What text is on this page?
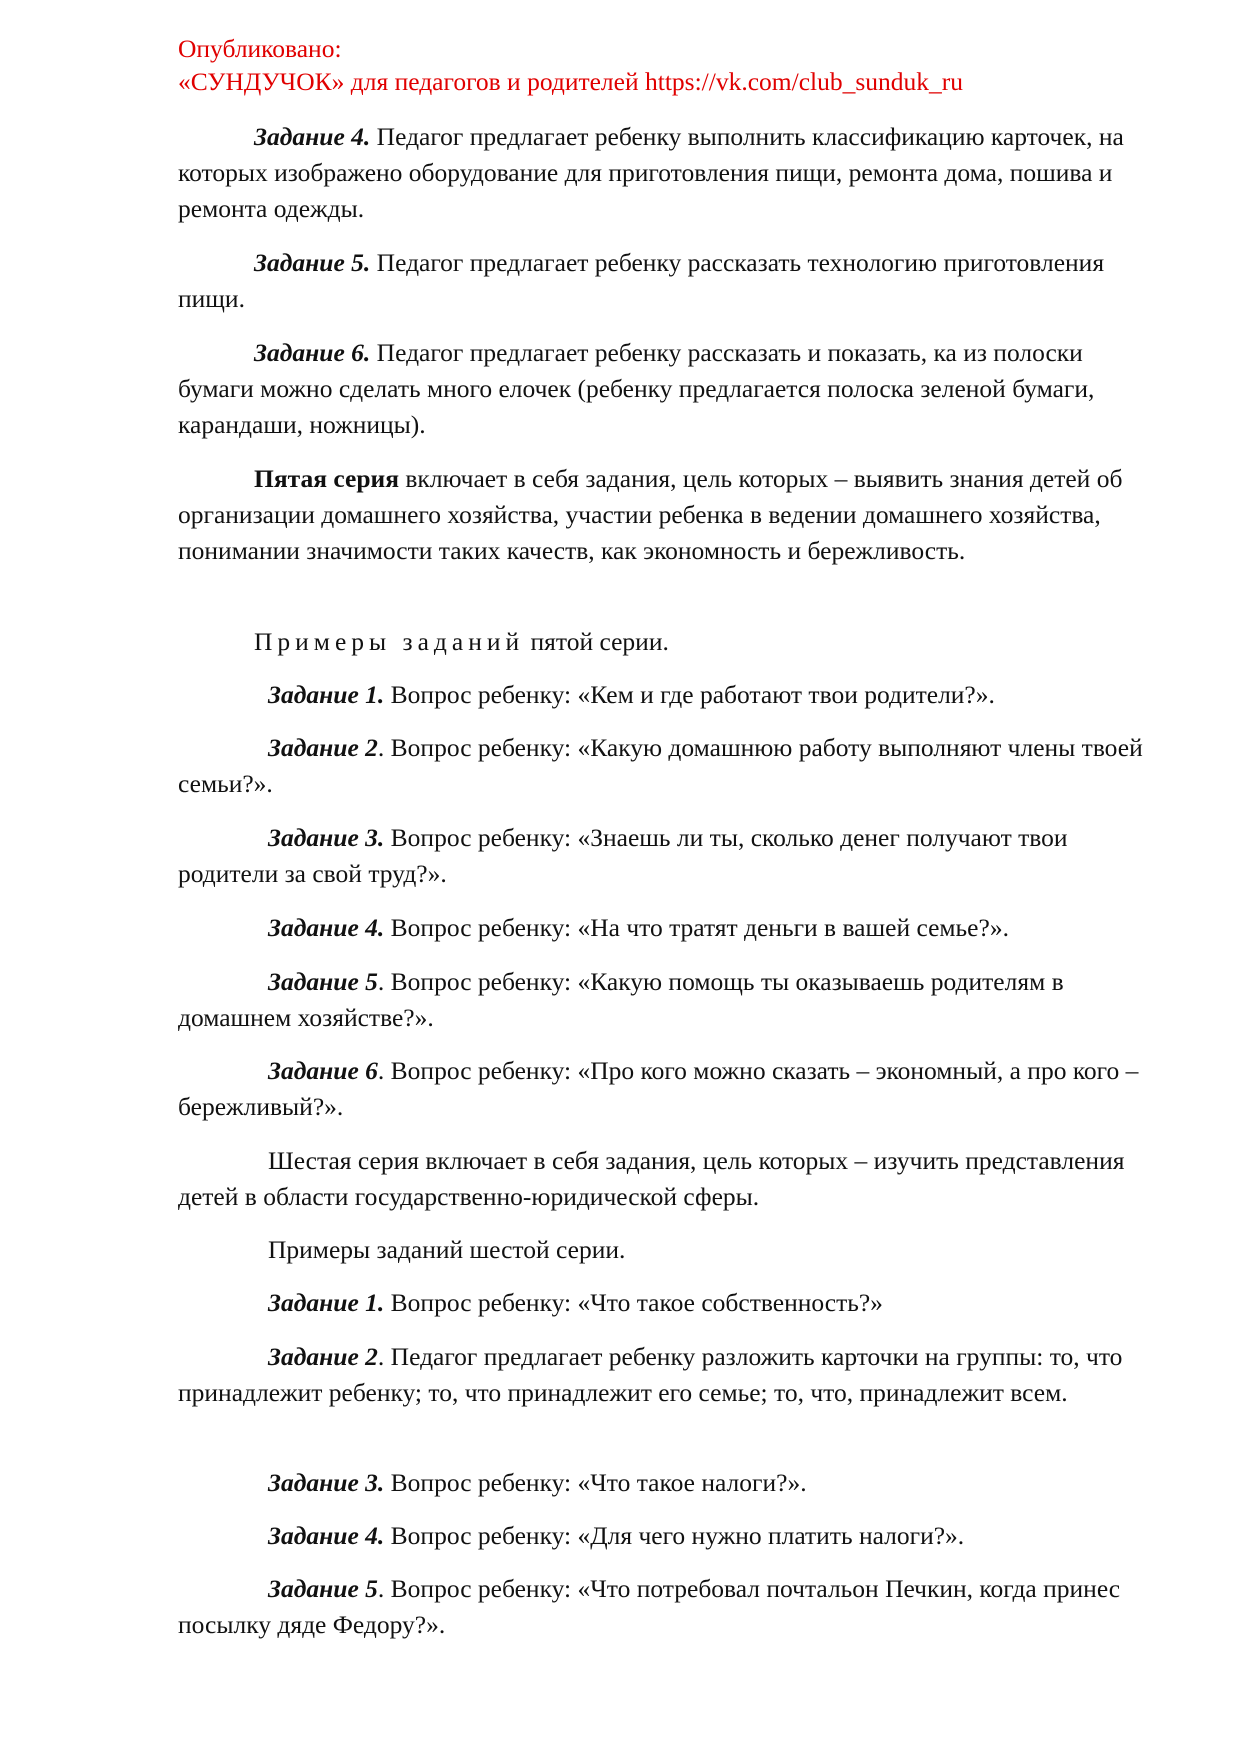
Опубликовано:

«СУНДУЧОК» для педагогов и родителей https://vk.com/club_sunduk_ru

Задание 4. Педагог предлагает ребенку выполнить классификацию карточек, на которых изображено оборудование для приготовления пищи, ремонта дома, пошива и ремонта одежды.

Задание 5. Педагог предлагает ребенку рассказать технологию приготовления пищи.

Задание 6. Педагог предлагает ребенку рассказать и показать, ка из полоски бумаги можно сделать много елочек (ребенку предлагается полоска зеленой бумаги, карандаши, ножницы).

Пятая серия включает в себя задания, цель которых – выявить знания детей об организации домашнего хозяйства, участии ребенка в ведении домашнего хозяйства, понимании значимости таких качеств, как экономность и бережливость.

Примеры заданий пятой серии.

Задание 1. Вопрос ребенку: «Кем и где работают твои родители?».

Задание 2. Вопрос ребенку: «Какую домашнюю работу выполняют члены твоей семьи?».

Задание 3. Вопрос ребенку: «Знаешь ли ты, сколько денег получают твои родители за свой труд?».

Задание 4. Вопрос ребенку: «На что тратят деньги в вашей семье?».

Задание 5. Вопрос ребенку: «Какую помощь ты оказываешь родителям в домашнем хозяйстве?».

Задание 6. Вопрос ребенку: «Про кого можно сказать – экономный, а про кого – бережливый?».

Шестая серия включает в себя задания, цель которых – изучить представления детей в области государственно-юридической сферы.

Примеры заданий шестой серии.

Задание 1. Вопрос ребенку: «Что такое собственность?»

Задание 2. Педагог предлагает ребенку разложить карточки на группы: то, что принадлежит ребенку; то, что принадлежит его семье; то, что, принадлежит всем.

Задание 3. Вопрос ребенку: «Что такое налоги?».

Задание 4. Вопрос ребенку: «Для чего нужно платить налоги?».

Задание 5. Вопрос ребенку: «Что потребовал почтальон Печкин, когда принес посылку дяде Федору?».
